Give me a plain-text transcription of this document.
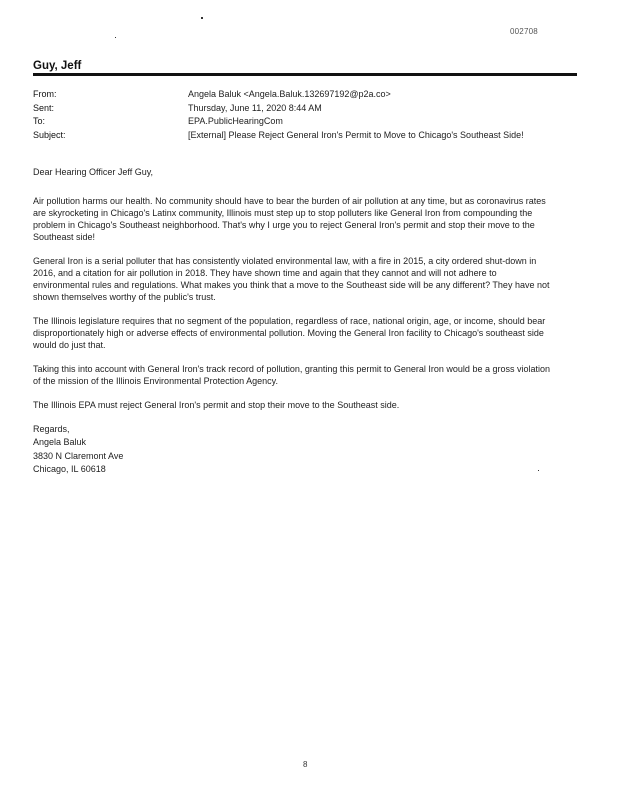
002708
Guy, Jeff
From:	Angela Baluk <Angela.Baluk.132697192@p2a.co>
Sent:	Thursday, June 11, 2020 8:44 AM
To:	EPA.PublicHearingCom
Subject:	[External] Please Reject General Iron's Permit to Move to Chicago's Southeast Side!

Dear Hearing Officer Jeff Guy,

Air pollution harms our health. No community should have to bear the burden of air pollution at any time, but as coronavirus rates are skyrocketing in Chicago's Latinx community, Illinois must step up to stop polluters like General Iron from compounding the problem in Chicago's Southeast neighborhood. That's why I urge you to reject General Iron's permit and stop their move to the Southeast side!

General Iron is a serial polluter that has consistently violated environmental law, with a fire in 2015, a city ordered shut-down in 2016, and a citation for air pollution in 2018. They have shown time and again that they cannot and will not adhere to environmental rules and regulations. What makes you think that a move to the Southeast side will be any different? They have not shown themselves worthy of the public's trust.

The Illinois legislature requires that no segment of the population, regardless of race, national origin, age, or income, should bear disproportionately high or adverse effects of environmental pollution. Moving the General Iron facility to Chicago's southeast side would do just that.

Taking this into account with General Iron's track record of pollution, granting this permit to General Iron would be a gross violation of the mission of the Illinois Environmental Protection Agency.

The Illinois EPA must reject General Iron's permit and stop their move to the Southeast side.

Regards,
Angela Baluk
3830 N Claremont Ave
Chicago, IL 60618
8
